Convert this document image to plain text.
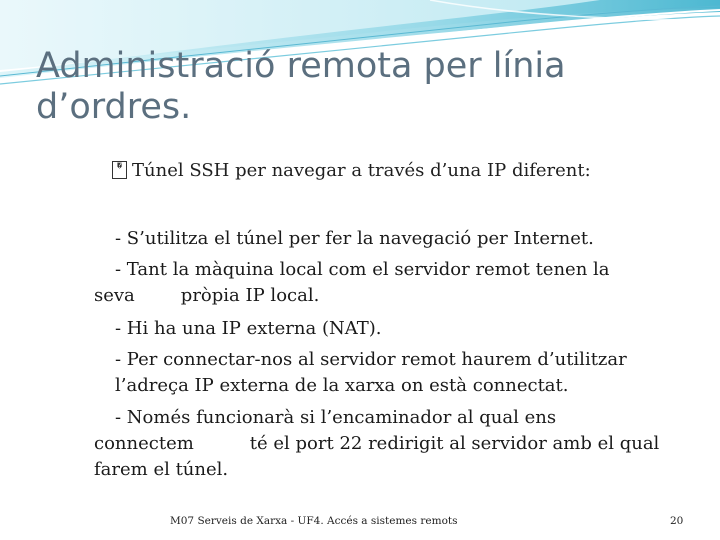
Administració remota per línia
d’ordres.
� Túnel SSH per navegar a través d’una IP diferent:
- S’utilitza el túnel per fer la navegació per Internet.
- Tant la màquina local com el servidor remot tenen la
seva	pròpia IP local.
- Hi ha una IP externa (NAT).
- Per connectar-nos al servidor remot haurem d’utilitzar
l’adreça IP externa de la xarxa on està connectat.
- Només funcionarà si l’encaminador al qual ens
connectem	té el port 22 redirigit al servidor amb el qual
farem el túnel.
M07 Serveis de Xarxa - UF4. Accés a sistemes remots	20
